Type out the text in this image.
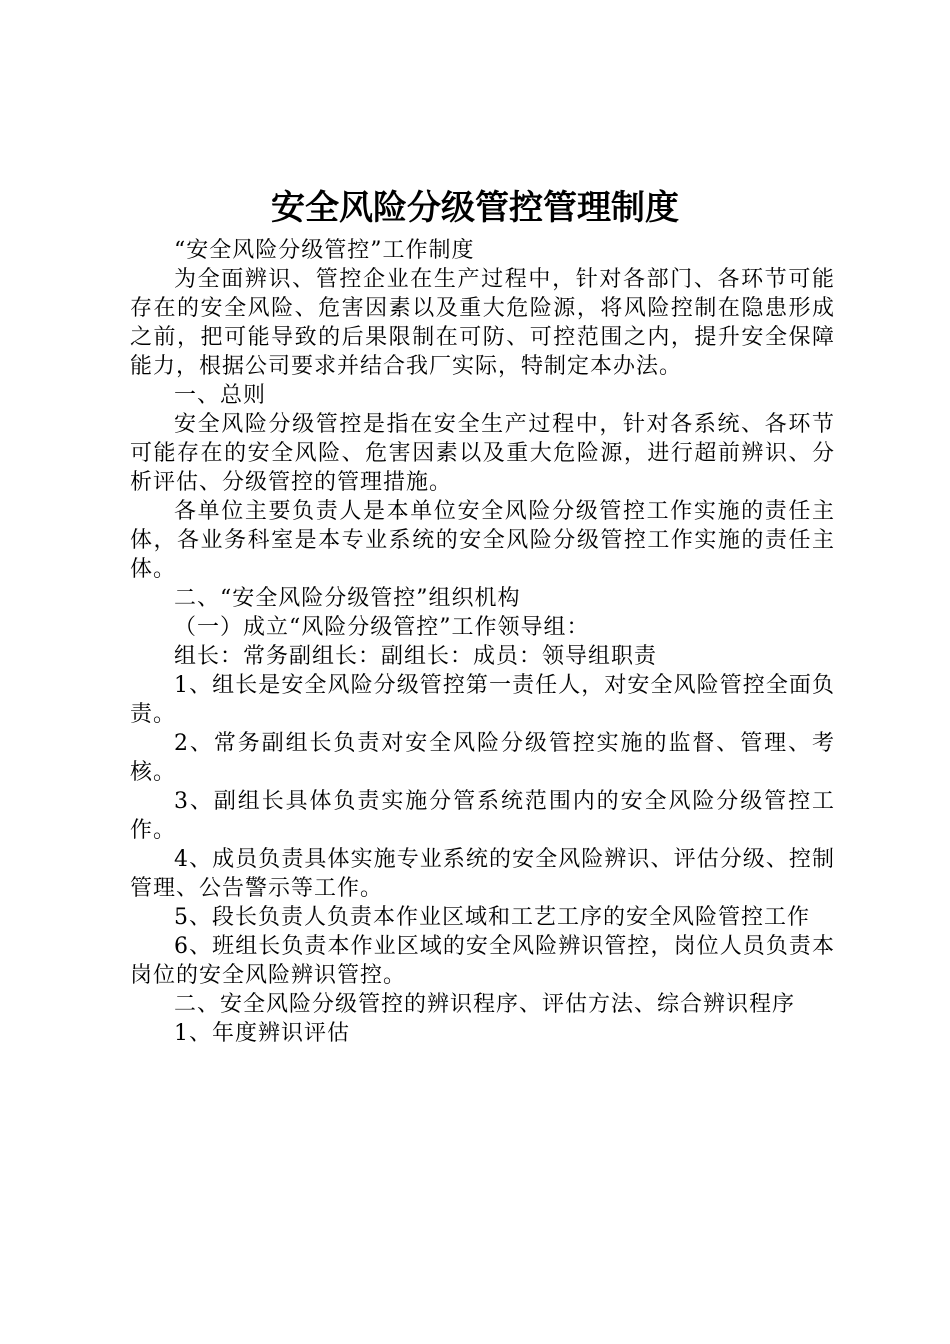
安全风险分级管控管理制度

“安全风险分级管控”工作制度

为全面辨识、管控企业在生产过程中，针对各部门、各环节可能存在的安全风险、危害因素以及重大危险源，将风险控制在隐患形成之前，把可能导致的后果限制在可防、可控范围之内，提升安全保障能力，根据公司要求并结合我厂实际，特制定本办法。

一、总则

安全风险分级管控是指在安全生产过程中，针对各系统、各环节可能存在的安全风险、危害因素以及重大危险源，进行超前辨识、分析评估、分级管控的管理措施。

各单位主要负责人是本单位安全风险分级管控工作实施的责任主体，各业务科室是本专业系统的安全风险分级管控工作实施的责任主体。

二、“安全风险分级管控”组织机构

（一）成立“风险分级管控”工作领导组：

组长：常务副组长：副组长：成员：领导组职责

1、组长是安全风险分级管控第一责任人，对安全风险管控全面负责。

2、常务副组长负责对安全风险分级管控实施的监督、管理、考核。

3、副组长具体负责实施分管系统范围内的安全风险分级管控工作。

4、成员负责具体实施专业系统的安全风险辨识、评估分级、控制管理、公告警示等工作。

5、段长负责人负责本作业区域和工艺工序的安全风险管控工作

6、班组长负责本作业区域的安全风险辨识管控，岗位人员负责本岗位的安全风险辨识管控。

二、安全风险分级管控的辨识程序、评估方法、综合辨识程序

1、年度辨识评估
